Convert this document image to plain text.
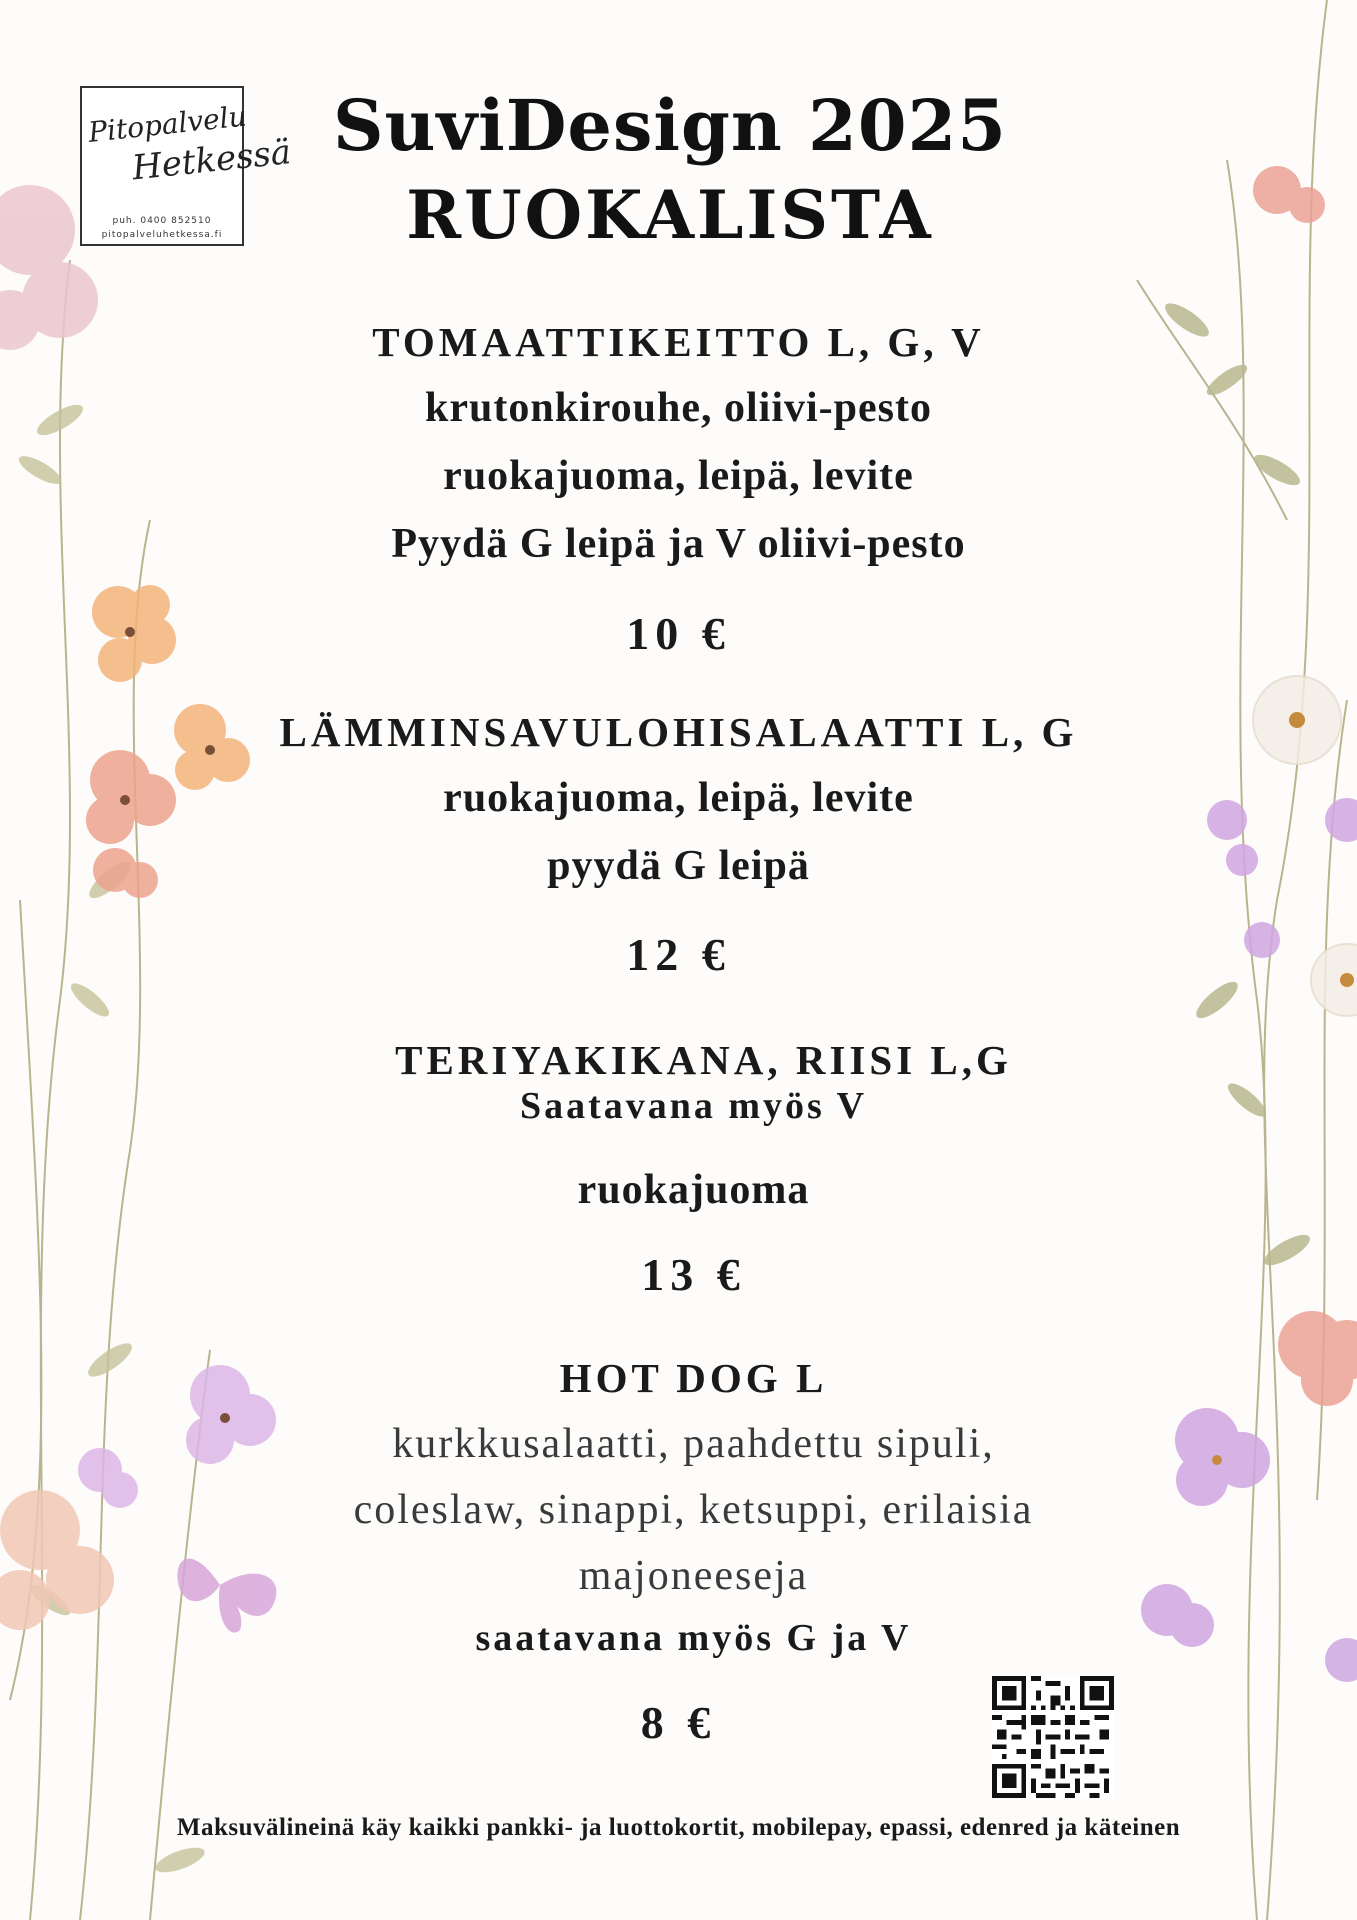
Pitopalvelu
Hetkessä
puh. 0400 852510
pitopalveluhetkessa.fi
SuviDesign 2025
RUOKALISTA
TOMAATTIKEITTO L, G, V
krutonkirouhe, oliivi-pesto
ruokajuoma, leipä, levite
Pyydä G leipä ja V oliivi-pesto
10 €
LÄMMINSAVULOHISALAATTI L, G
ruokajuoma, leipä, levite
pyydä G leipä
12 €
TERIYAKIKANA, RIISI L,G
Saatavana myös V
ruokajuoma
13 €
HOT DOG L
kurkkusalaatti, paahdettu sipuli,
coleslaw, sinappi, ketsuppi, erilaisia
majoneeseja
saatavana myös G ja V
8 €
Maksuvälineinä käy kaikki pankki- ja luottokortit, mobilepay, epassi, edenred ja käteinen
